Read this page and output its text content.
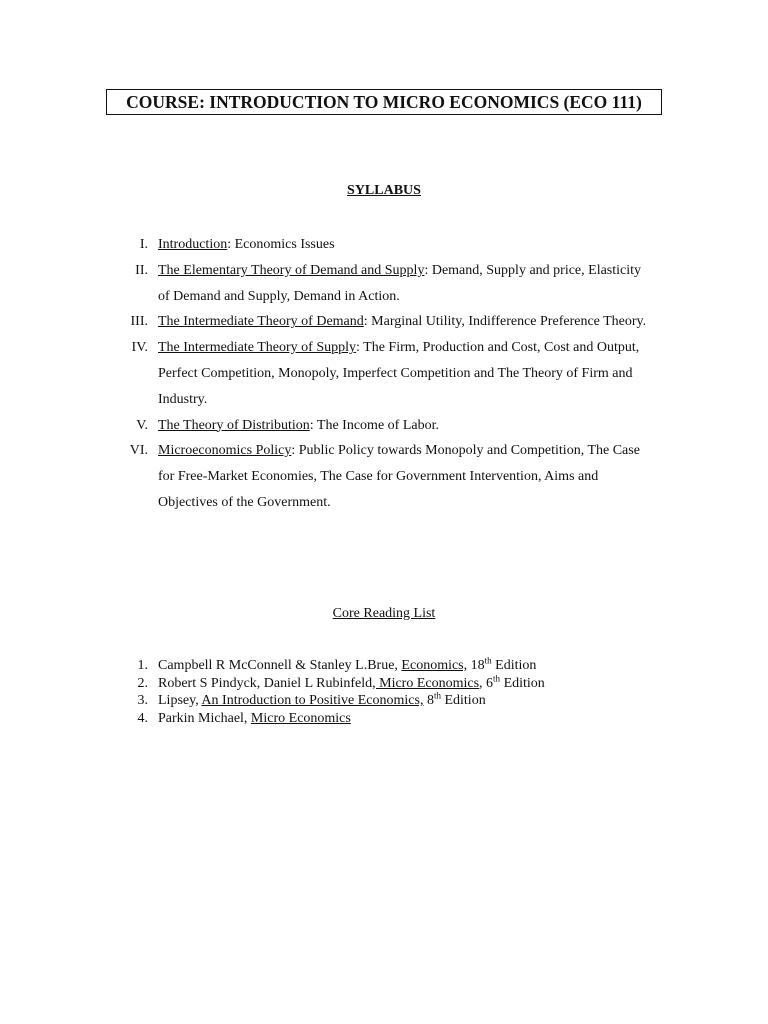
COURSE: INTRODUCTION TO MICRO ECONOMICS (ECO 111)
SYLLABUS
I. Introduction: Economics Issues
II. The Elementary Theory of Demand and Supply: Demand, Supply and price, Elasticity of Demand and Supply, Demand in Action.
III. The Intermediate Theory of Demand: Marginal Utility, Indifference Preference Theory.
IV. The Intermediate Theory of Supply: The Firm, Production and Cost, Cost and Output, Perfect Competition, Monopoly, Imperfect Competition and The Theory of Firm and Industry.
V. The Theory of Distribution: The Income of Labor.
VI. Microeconomics Policy: Public Policy towards Monopoly and Competition, The Case for Free-Market Economies, The Case for Government Intervention, Aims and Objectives of the Government.
Core Reading List
1. Campbell R McConnell & Stanley L.Brue, Economics, 18th Edition
2. Robert S Pindyck, Daniel L Rubinfeld, Micro Economics, 6th Edition
3. Lipsey, An Introduction to Positive Economics, 8th Edition
4. Parkin Michael, Micro Economics
